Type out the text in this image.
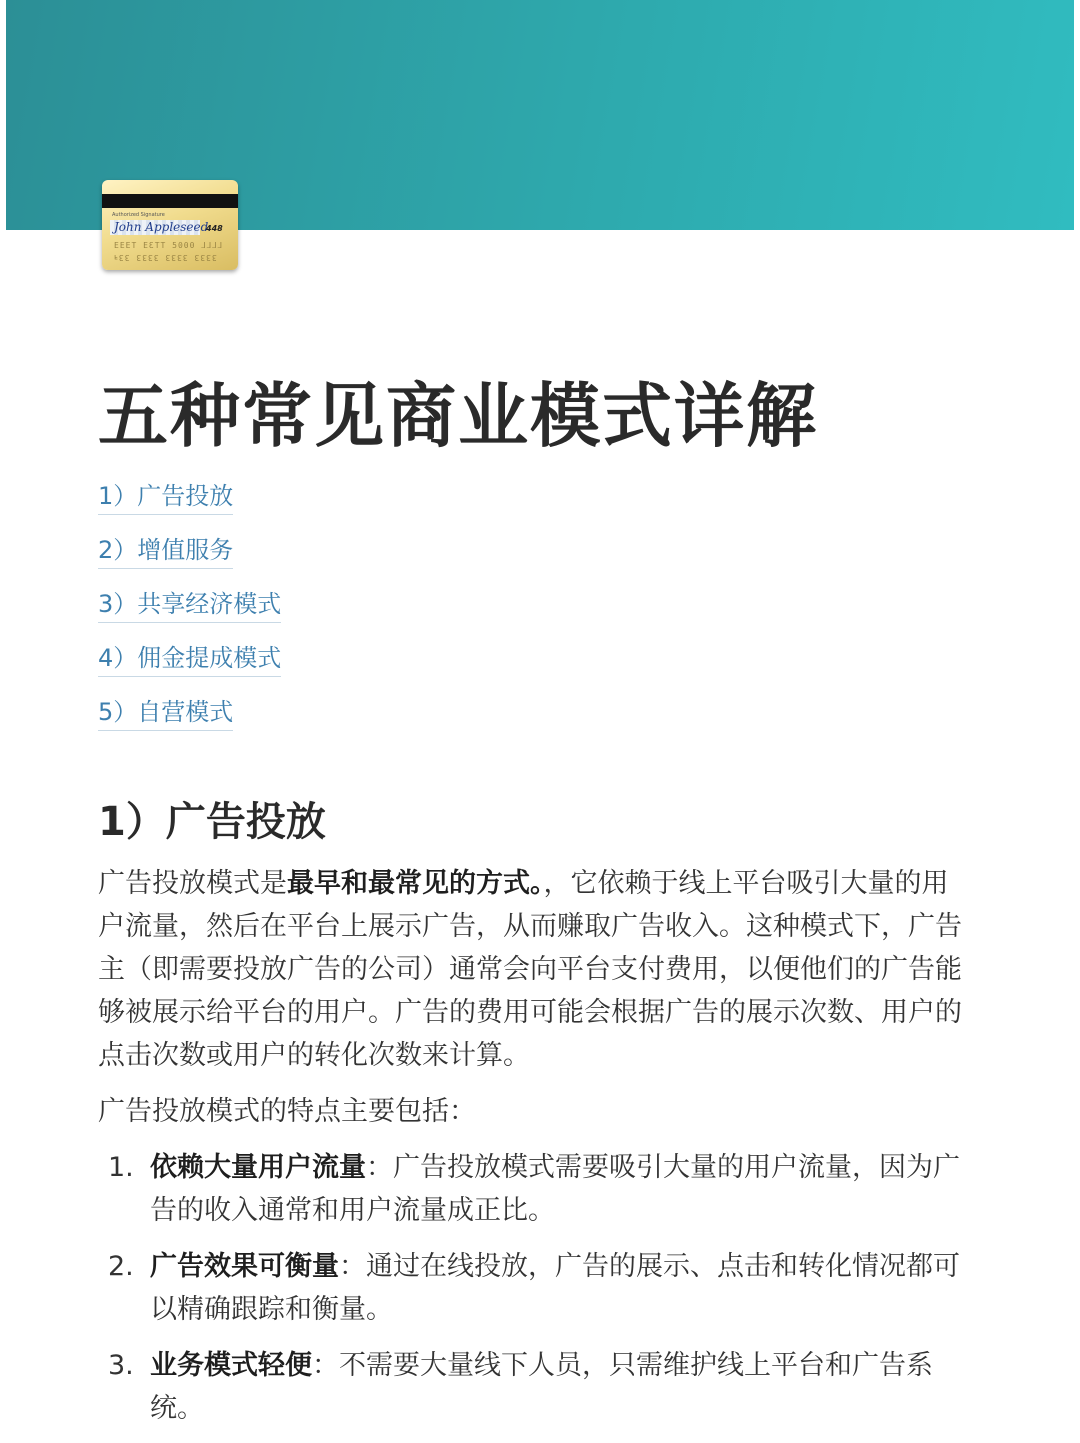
Authorized Signature
John Appleseed
448
EEET EƐTT 5000 ⅃⅃⅃⅃
ꜰƐƐ ƐƐƐƐ ƐƐƐƐ ƐƐƐƐ
五种常见商业模式详解
1）广告投放
2）增值服务
3）共享经济模式
4）佣金提成模式
5）自营模式
1）广告投放

广告投放模式是最早和最常见的方式。，它依赖于线上平台吸引大量的用户流量，然后在平台上展示广告，从而赚取广告收入。这种模式下，广告主（即需要投放广告的公司）通常会向平台支付费用，以便他们的广告能够被展示给平台的用户。广告的费用可能会根据广告的展示次数、用户的点击次数或用户的转化次数来计算。

广告投放模式的特点主要包括：

1. 依赖大量用户流量：广告投放模式需要吸引大量的用户流量，因为广告的收入通常和用户流量成正比。
2. 广告效果可衡量：通过在线投放，广告的展示、点击和转化情况都可以精确跟踪和衡量。
3. 业务模式轻便：不需要大量线下人员，只需维护线上平台和广告系统。
